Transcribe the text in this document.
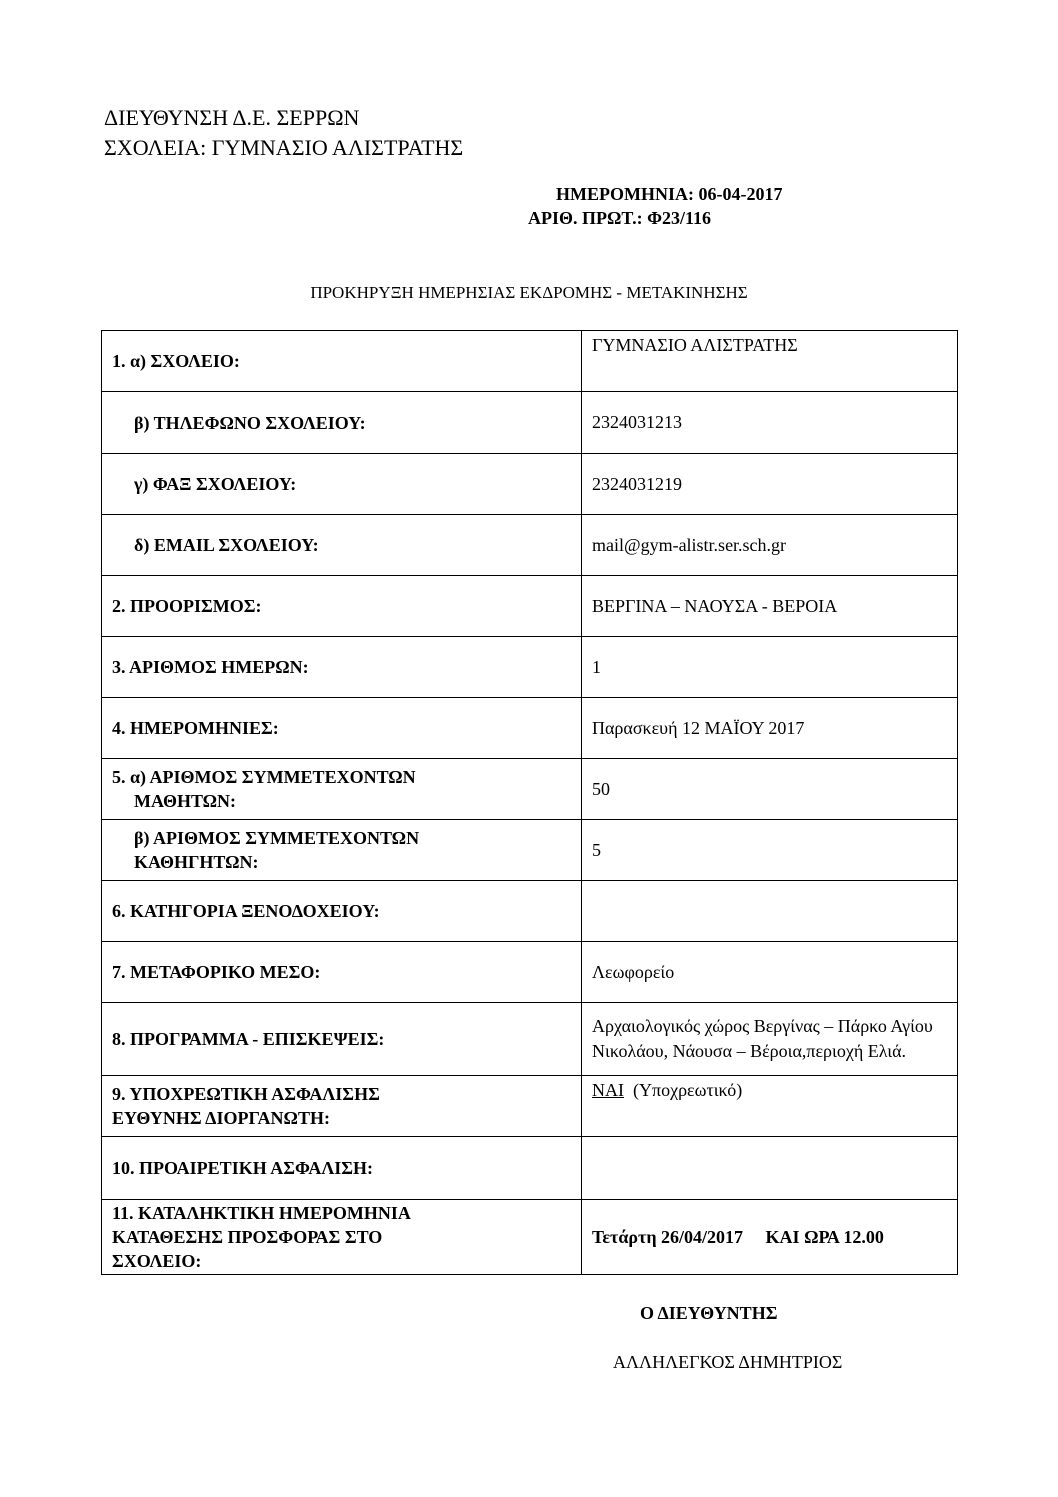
ΔΙΕΥΘΥΝΣΗ Δ.Ε. ΣΕΡΡΩΝ
ΣΧΟΛΕΙΑ: ΓΥΜΝΑΣΙΟ ΑΛΙΣΤΡΑΤΗΣ
ΗΜΕΡΟΜΗΝΙΑ: 06-04-2017
ΑΡΙΘ. ΠΡΩΤ.: Φ23/116
ΠΡΟΚΗΡΥΞΗ ΗΜΕΡΗΣΙΑΣ ΕΚΔΡΟΜΗΣ - ΜΕΤΑΚΙΝΗΣΗΣ
1. α) ΣΧΟΛΕΙΟ:	ΓΥΜΝΑΣΙΟ ΑΛΙΣΤΡΑΤΗΣ
β) ΤΗΛΕΦΩΝΟ ΣΧΟΛΕΙΟΥ:	2324031213
γ) ΦΑΞ ΣΧΟΛΕΙΟΥ:	2324031219
δ) EMAIL ΣΧΟΛΕΙΟΥ:	mail@gym-alistr.ser.sch.gr
2. ΠΡΟΟΡΙΣΜΟΣ:	ΒΕΡΓΙΝΑ – ΝΑΟΥΣΑ - ΒΕΡΟΙΑ
3. ΑΡΙΘΜΟΣ ΗΜΕΡΩΝ:	1
4. ΗΜΕΡΟΜΗΝΙΕΣ:	Παρασκευή 12 ΜΑΪΟΥ 2017
5. α) ΑΡΙΘΜΟΣ ΣΥΜΜΕΤΕΧΟΝΤΩΝ
ΜΑΘΗΤΩΝ:	50
β) ΑΡΙΘΜΟΣ ΣΥΜΜΕΤΕΧΟΝΤΩΝ
ΚΑΘΗΓΗΤΩΝ:	5
6. ΚΑΤΗΓΟΡΙΑ ΞΕΝΟΔΟΧΕΙΟΥ:	
7. ΜΕΤΑΦΟΡΙΚΟ ΜΕΣΟ:	Λεωφορείο
8. ΠΡΟΓΡΑΜΜΑ - ΕΠΙΣΚΕΨΕΙΣ:	Αρχαιολογικός χώρος Βεργίνας – Πάρκο Αγίου Νικολάου, Νάουσα – Βέροια,περιοχή Ελιά.
9. ΥΠΟΧΡΕΩΤΙΚΗ ΑΣΦΑΛΙΣΗΣ
ΕΥΘΥΝΗΣ ΔΙΟΡΓΑΝΩΤΗ:	ΝΑΙ  (Υποχρεωτικό)
10. ΠΡΟΑΙΡΕΤΙΚΗ ΑΣΦΑΛΙΣΗ:	
11. ΚΑΤΑΛΗΚΤΙΚΗ ΗΜΕΡΟΜΗΝΙΑ
ΚΑΤΑΘΕΣΗΣ ΠΡΟΣΦΟΡΑΣ ΣΤΟ
ΣΧΟΛΕΙΟ:	Τετάρτη 26/04/2017     ΚΑΙ ΩΡΑ 12.00
Ο ΔΙΕΥΘΥΝΤΗΣ
ΑΛΛΗΛΕΓΚΟΣ ΔΗΜΗΤΡΙΟΣ
